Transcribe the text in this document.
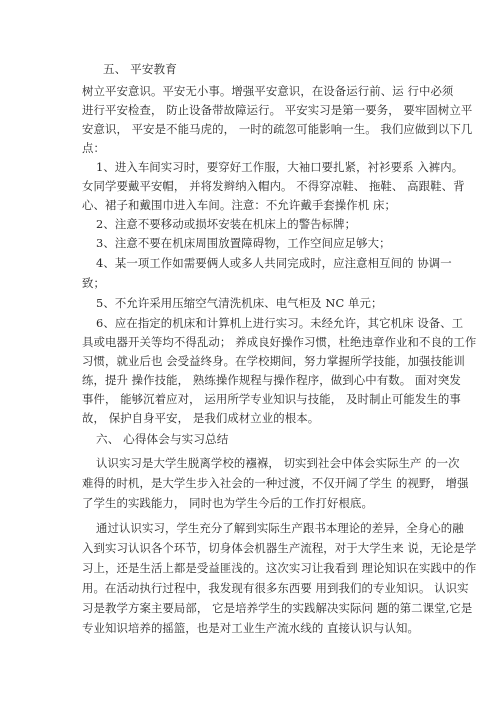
五、 平安教育
树立平安意识。平安无小事。增强平安意识，在设备运行前、运 行中必须
进行平安检查， 防止设备带故障运行。 平安实习是第一要务， 要牢固树立平
安意识， 平安是不能马虎的， 一时的疏忽可能影响一生。 我们应做到以下几
点：
1、进入车间实习时，要穿好工作服，大袖口要扎紧，衬衫要系 入裤内。
女同学要戴平安帽， 并将发辫纳入帽内。 不得穿凉鞋、 拖鞋、 高跟鞋、背
心、裙子和戴围巾进入车间。注意：不允许戴手套操作机 床；
2、注意不要移动或损坏安装在机床上的警告标牌；
3、注意不要在机床周围放置障碍物，工作空间应足够大；
4、某一项工作如需要俩人或多人共同完成时，应注意相互间的 协调一
致；
5、不允许采用压缩空气清洗机床、电气柜及 NC 单元；
6、应在指定的机床和计算机上进行实习。未经允许，其它机床 设备、工
具或电器开关等均不得乱动； 养成良好操作习惯，杜绝违章作业和不良的工作
习惯，就业后也 会受益终身。在学校期间，努力掌握所学技能，加强技能训
练，提升 操作技能， 熟练操作规程与操作程序，做到心中有数。 面对突发
事件， 能够沉着应对， 运用所学专业知识与技能， 及时制止可能发生的事
故， 保护自身平安， 是我们成材立业的根本。
六、 心得体会与实习总结
认识实习是大学生脱离学校的襁褓， 切实到社会中体会实际生产 的一次
难得的时机，是大学生步入社会的一种过渡，不仅开阔了学生 的视野， 增强
了学生的实践能力， 同时也为学生今后的工作打好根底。
通过认识实习，学生充分了解到实际生产跟书本理论的差异，全身心的融
入到实习认识各个环节，切身体会机器生产流程，对于大学生来 说，无论是学
习上，还是生活上都是受益匪浅的。这次实习让我看到 理论知识在实践中的作
用。在活动执行过程中，我发现有很多东西要 用到我们的专业知识。 认识实
习是教学方案主要局部， 它是培养学生的实践解决实际问 题的第二课堂,它是
专业知识培养的摇篮，也是对工业生产流水线的 直接认识与认知。
